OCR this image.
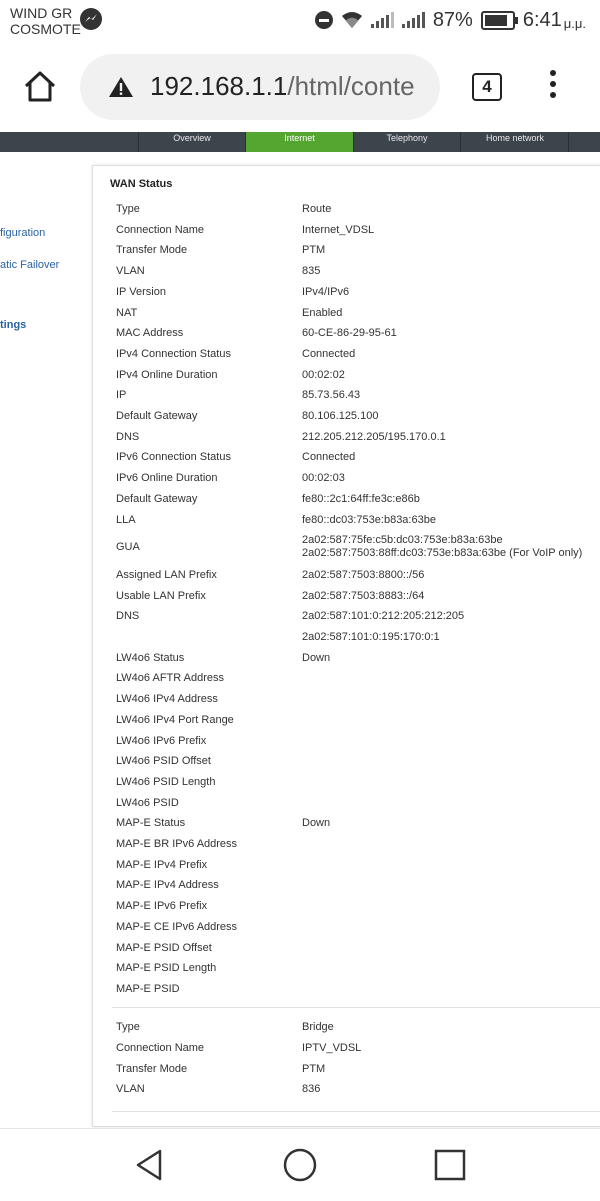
WIND GR
COSMOTE	87%	6:41 μ.μ.
192.168.1.1/html/conte	4
Overview	Internet	Telephony	Home network
figuration
atic Failover
tings
WAN Status
Type	Route
Connection Name	Internet_VDSL
Transfer Mode	PTM
VLAN	835
IP Version	IPv4/IPv6
NAT	Enabled
MAC Address	60-CE-86-29-95-61
IPv4 Connection Status	Connected
IPv4 Online Duration	00:02:02
IP	85.73.56.43
Default Gateway	80.106.125.100
DNS	212.205.212.205/195.170.0.1
IPv6 Connection Status	Connected
IPv6 Online Duration	00:02:03
Default Gateway	fe80::2c1:64ff:fe3c:e86b
LLA	fe80::dc03:753e:b83a:63be
GUA
2a02:587:75fe:c5b:dc03:753e:b83a:63be
2a02:587:7503:88ff:dc03:753e:b83a:63be (For VoIP only)
Assigned LAN Prefix	2a02:587:7503:8800::/56
Usable LAN Prefix	2a02:587:7503:8883::/64
DNS	2a02:587:101:0:212:205:212:205
2a02:587:101:0:195:170:0:1
LW4o6 Status	Down
LW4o6 AFTR Address
LW4o6 IPv4 Address
LW4o6 IPv4 Port Range
LW4o6 IPv6 Prefix
LW4o6 PSID Offset
LW4o6 PSID Length
LW4o6 PSID
MAP-E Status	Down
MAP-E BR IPv6 Address
MAP-E IPv4 Prefix
MAP-E IPv4 Address
MAP-E IPv6 Prefix
MAP-E CE IPv6 Address
MAP-E PSID Offset
MAP-E PSID Length
MAP-E PSID
Type	Bridge
Connection Name	IPTV_VDSL
Transfer Mode	PTM
VLAN	836
